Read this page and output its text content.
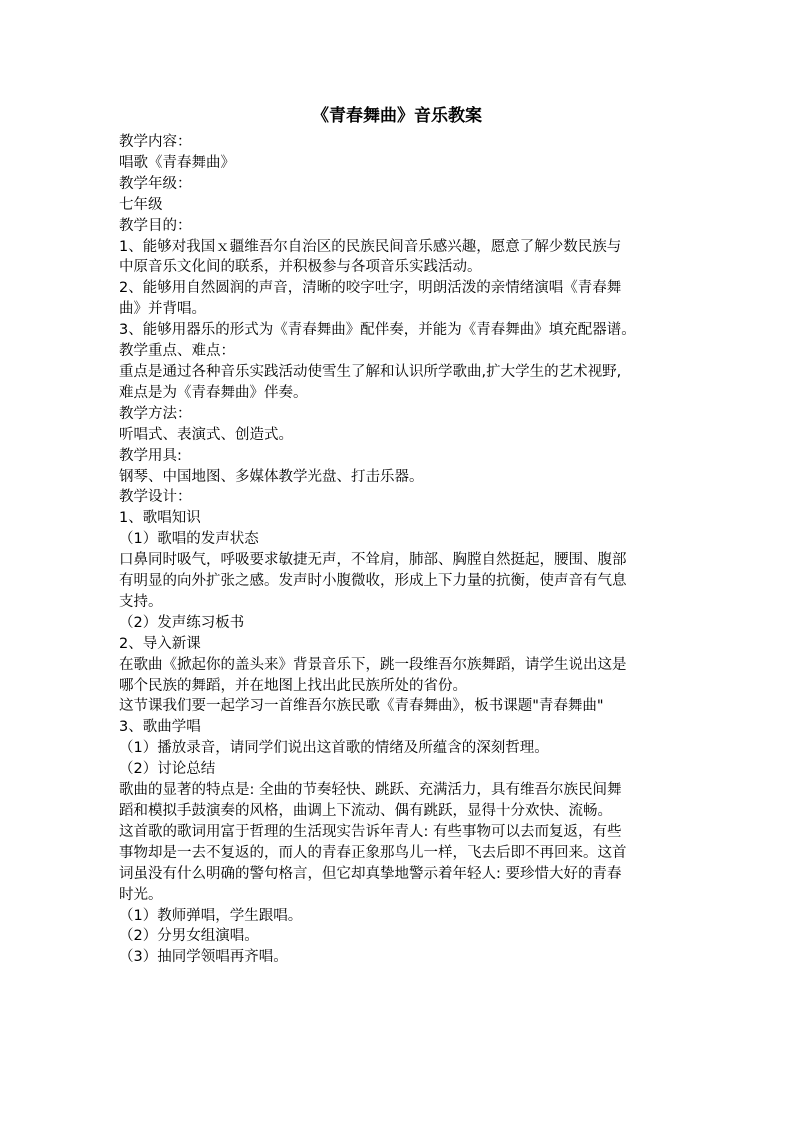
《青春舞曲》音乐教案

教学内容：

唱歌《青春舞曲》

教学年级：

七年级

教学目的：

1、能够对我国ｘ疆维吾尔自治区的民族民间音乐感兴趣，愿意了解少数民族与

中原音乐文化间的联系，并积极参与各项音乐实践活动。

2、能够用自然圆润的声音，清晰的咬字吐字，明朗活泼的亲情绪演唱《青春舞

曲》并背唱。

3、能够用器乐的形式为《青春舞曲》配伴奏，并能为《青春舞曲》填充配器谱。

教学重点、难点：

重点是通过各种音乐实践活动使雪生了解和认识所学歌曲,扩大学生的艺术视野,

难点是为《青春舞曲》伴奏。

教学方法：

听唱式、表演式、创造式。

教学用具:

钢琴、中国地图、多媒体教学光盘、打击乐器。

教学设计：

1、歌唱知识

（1）歌唱的发声状态

口鼻同时吸气，呼吸要求敏捷无声，不耸肩，肺部、胸膛自然挺起，腰围、腹部

有明显的向外扩张之感。发声时小腹微收，形成上下力量的抗衡，使声音有气息

支持。

（2）发声练习板书

2、导入新课

在歌曲《掀起你的盖头来》背景音乐下，跳一段维吾尔族舞蹈，请学生说出这是

哪个民族的舞蹈，并在地图上找出此民族所处的省份。

这节课我们要一起学习一首维吾尔族民歌《青春舞曲》，板书课题"青春舞曲"

3、歌曲学唱

（1）播放录音，请同学们说出这首歌的情绪及所蕴含的深刻哲理。

（2）讨论总结

歌曲的显著的特点是: 全曲的节奏轻快、跳跃、充满活力，具有维吾尔族民间舞

蹈和模拟手鼓演奏的风格，曲调上下流动、偶有跳跃，显得十分欢快、流畅。

这首歌的歌词用富于哲理的生活现实告诉年青人: 有些事物可以去而复返，有些

事物却是一去不复返的，而人的青春正象那鸟儿一样，飞去后即不再回来。这首

词虽没有什么明确的警句格言，但它却真挚地警示着年轻人: 要珍惜大好的青春

时光。

（1）教师弹唱，学生跟唱。

（2）分男女组演唱。

（3）抽同学领唱再齐唱。
